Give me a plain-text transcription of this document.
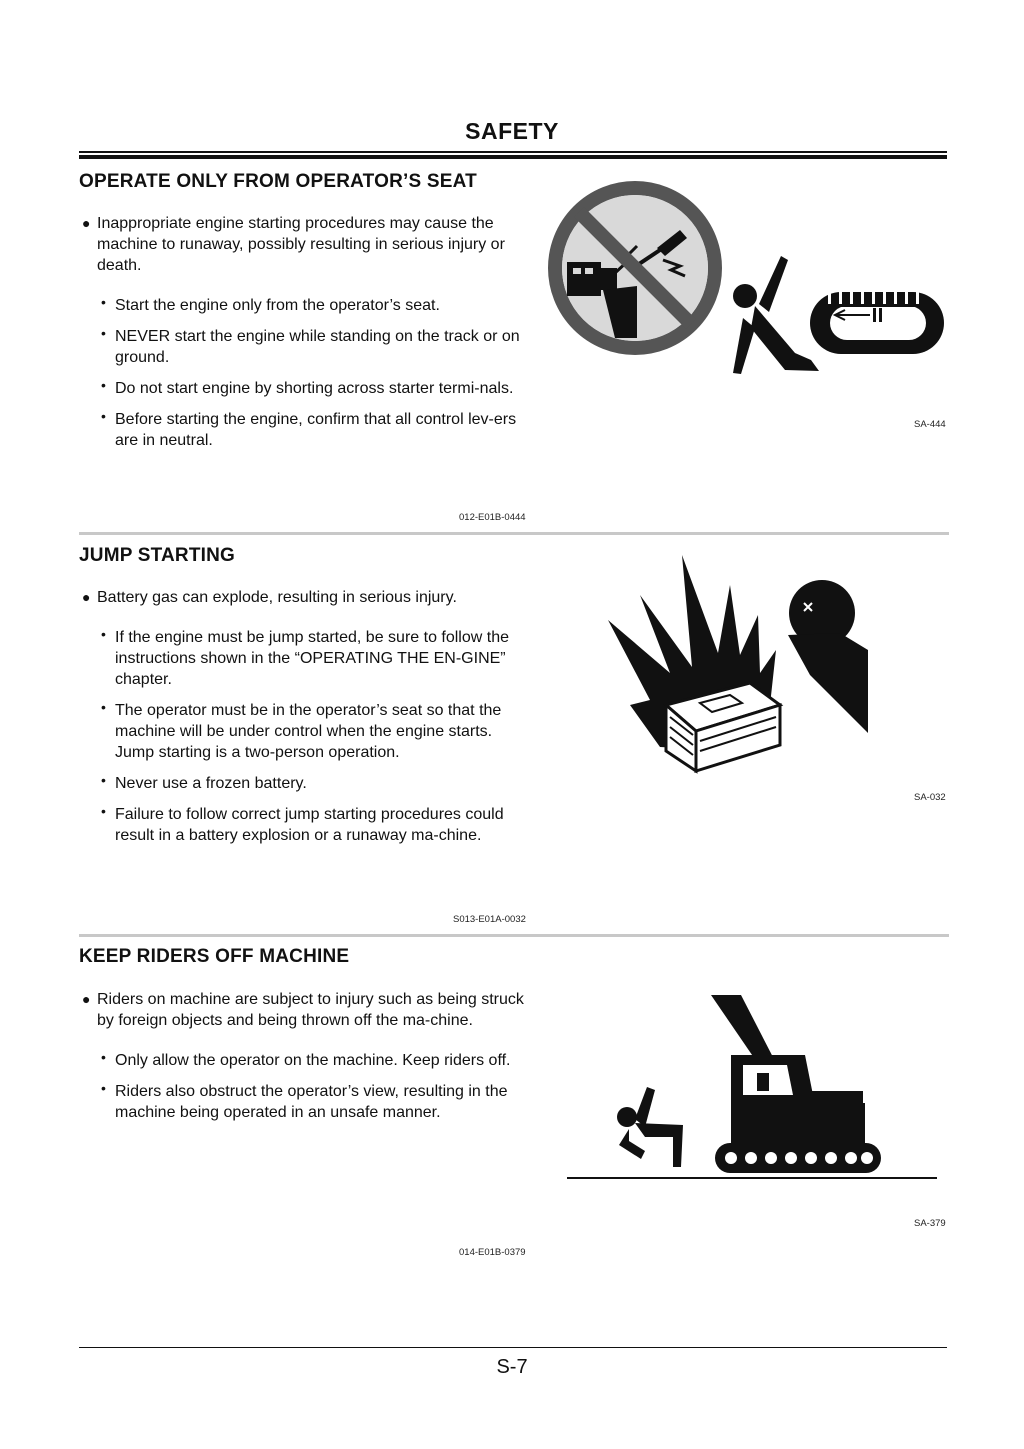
SAFETY
OPERATE ONLY FROM OPERATOR’S SEAT
● Inappropriate engine starting procedures may cause the machine to runaway, possibly resulting in serious injury or death.
• Start the engine only from the operator’s seat.
• NEVER start the engine while standing on the track or on ground.
• Do not start engine by shorting across starter termi-nals.
• Before starting the engine, confirm that all control lev-ers are in neutral.
012-E01B-0444
SA-444
JUMP STARTING
● Battery gas can explode, resulting in serious injury.
• If the engine must be jump started, be sure to follow the instructions shown in the “OPERATING THE EN-GINE” chapter.
• The operator must be in the operator’s seat so that the machine will be under control when the engine starts. Jump starting is a two-person operation.
• Never use a frozen battery.
• Failure to follow correct jump starting procedures could result in a battery explosion or a runaway ma-chine.
S013-E01A-0032
SA-032
KEEP RIDERS OFF MACHINE
● Riders on machine are subject to injury such as being struck by foreign objects and being thrown off the ma-chine.
• Only allow the operator on the machine. Keep riders off.
• Riders also obstruct the operator’s view, resulting in the machine being operated in an unsafe manner.
014-E01B-0379
SA-379
S-7
